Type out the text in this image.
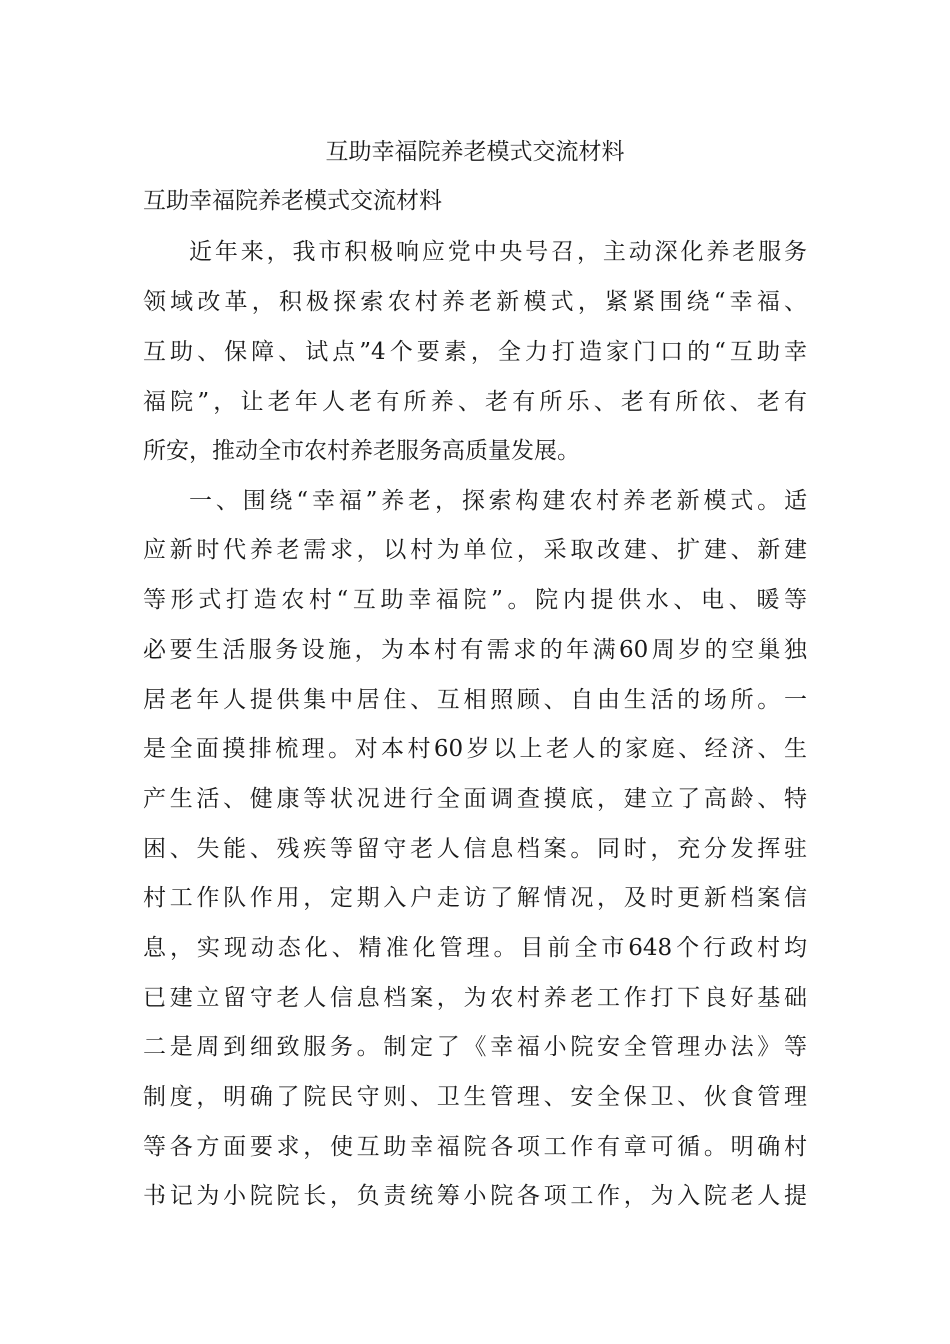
互助幸福院养老模式交流材料

互助幸福院养老模式交流材料

近年来，我市积极响应党中央号召，主动深化养老服务

领域改革，积极探索农村养老新模式，紧紧围绕“幸福、

互助、保障、试点”4个要素，全力打造家门口的“互助幸

福院”，让老年人老有所养、老有所乐、老有所依、老有

所安，推动全市农村养老服务高质量发展。

一、围绕“幸福”养老，探索构建农村养老新模式。适

应新时代养老需求，以村为单位，采取改建、扩建、新建

等形式打造农村“互助幸福院”。院内提供水、电、暖等

必要生活服务设施，为本村有需求的年满60周岁的空巢独

居老年人提供集中居住、互相照顾、自由生活的场所。一

是全面摸排梳理。对本村60岁以上老人的家庭、经济、生

产生活、健康等状况进行全面调查摸底，建立了高龄、特

困、失能、残疾等留守老人信息档案。同时，充分发挥驻

村工作队作用，定期入户走访了解情况，及时更新档案信

息，实现动态化、精准化管理。目前全市648个行政村均

已建立留守老人信息档案，为农村养老工作打下良好基础

二是周到细致服务。制定了《幸福小院安全管理办法》等

制度，明确了院民守则、卫生管理、安全保卫、伙食管理

等各方面要求，使互助幸福院各项工作有章可循。明确村

书记为小院院长，负责统筹小院各项工作，为入院老人提
